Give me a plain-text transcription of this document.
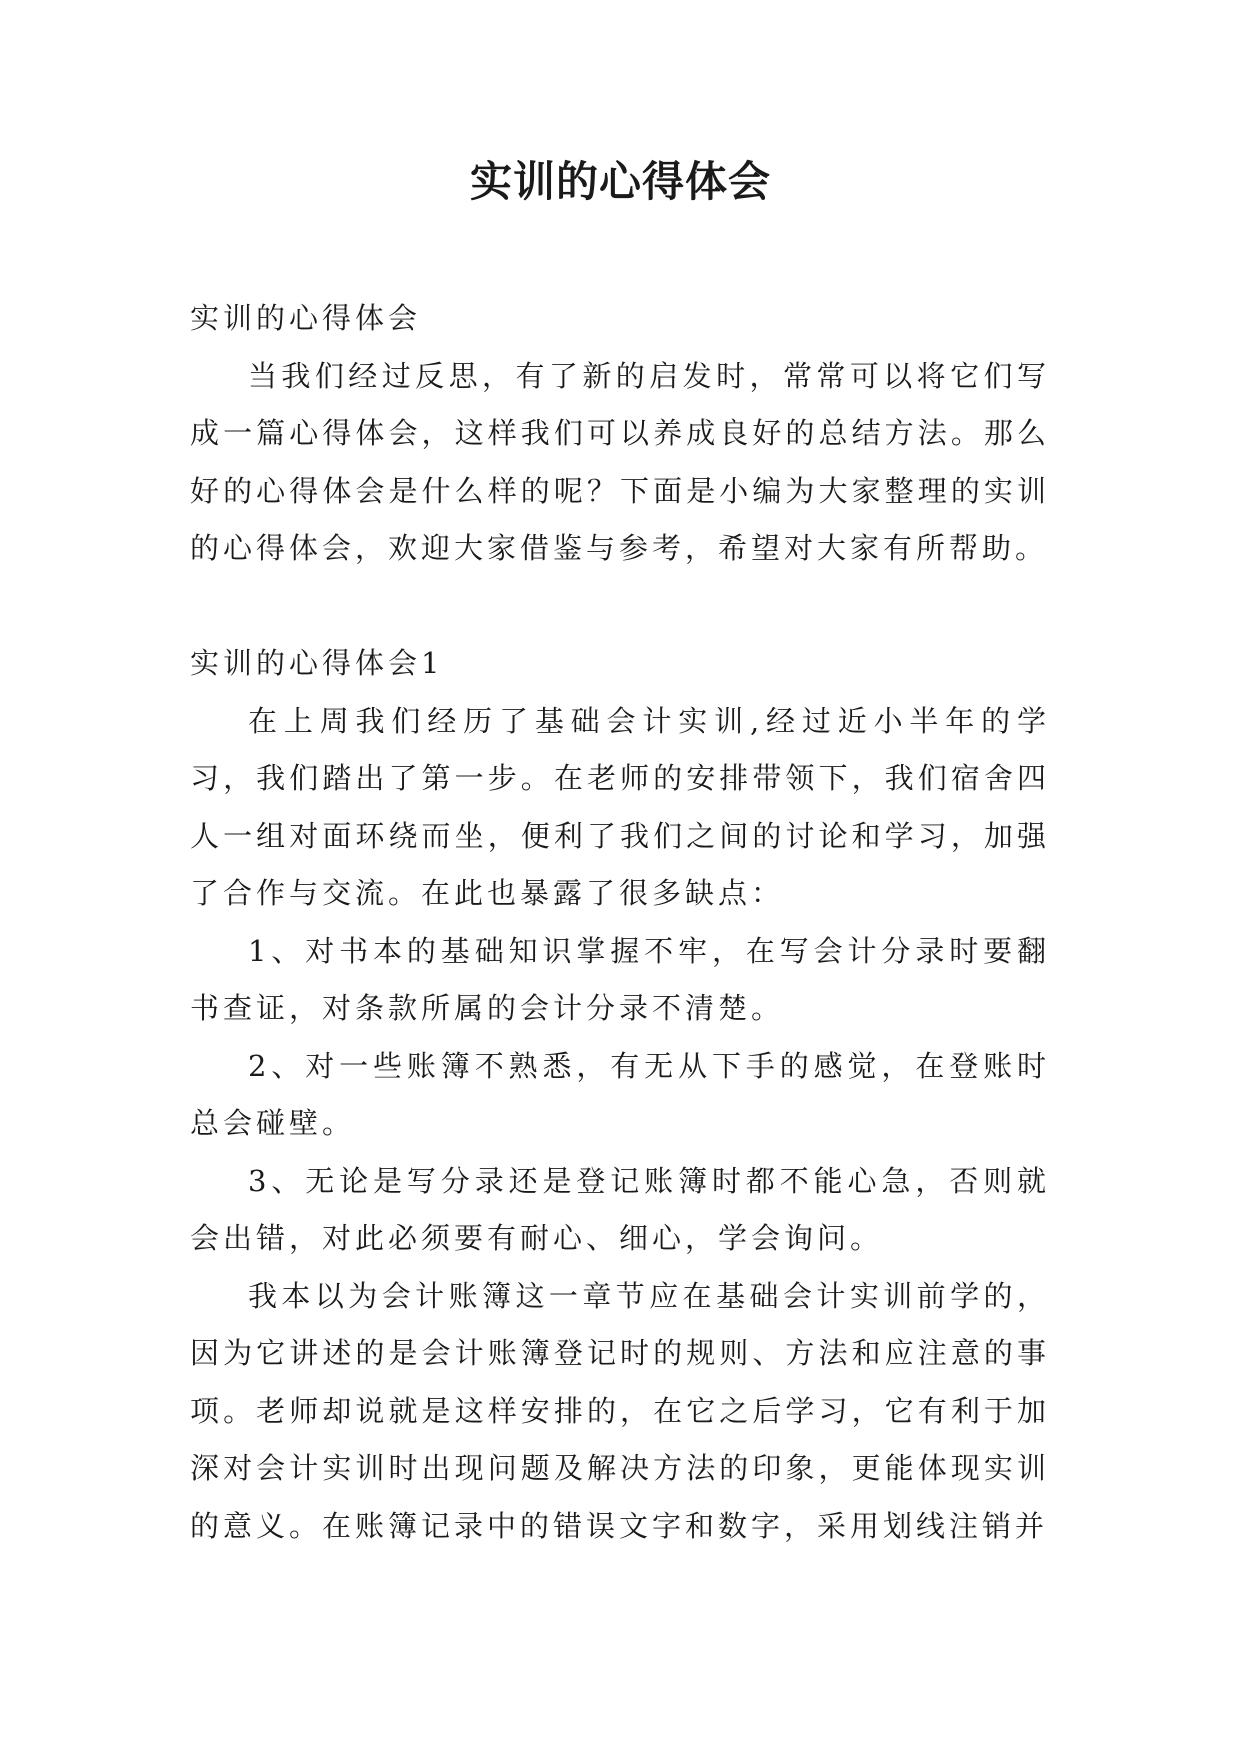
实训的心得体会

实训的心得体会

当我们经过反思，有了新的启发时，常常可以将它们写成一篇心得体会，这样我们可以养成良好的总结方法。那么好的心得体会是什么样的呢？下面是小编为大家整理的实训的心得体会，欢迎大家借鉴与参考，希望对大家有所帮助。

实训的心得体会1

在上周我们经历了基础会计实训,经过近小半年的学习，我们踏出了第一步。在老师的安排带领下，我们宿舍四人一组对面环绕而坐，便利了我们之间的讨论和学习，加强了合作与交流。在此也暴露了很多缺点：

1、对书本的基础知识掌握不牢，在写会计分录时要翻书查证，对条款所属的会计分录不清楚。

2、对一些账簿不熟悉，有无从下手的感觉，在登账时总会碰壁。

3、无论是写分录还是登记账簿时都不能心急，否则就会出错，对此必须要有耐心、细心，学会询问。

我本以为会计账簿这一章节应在基础会计实训前学的，因为它讲述的是会计账簿登记时的规则、方法和应注意的事项。老师却说就是这样安排的，在它之后学习，它有利于加深对会计实训时出现问题及解决方法的印象，更能体现实训的意义。在账簿记录中的错误文字和数字，采用划线注销并
